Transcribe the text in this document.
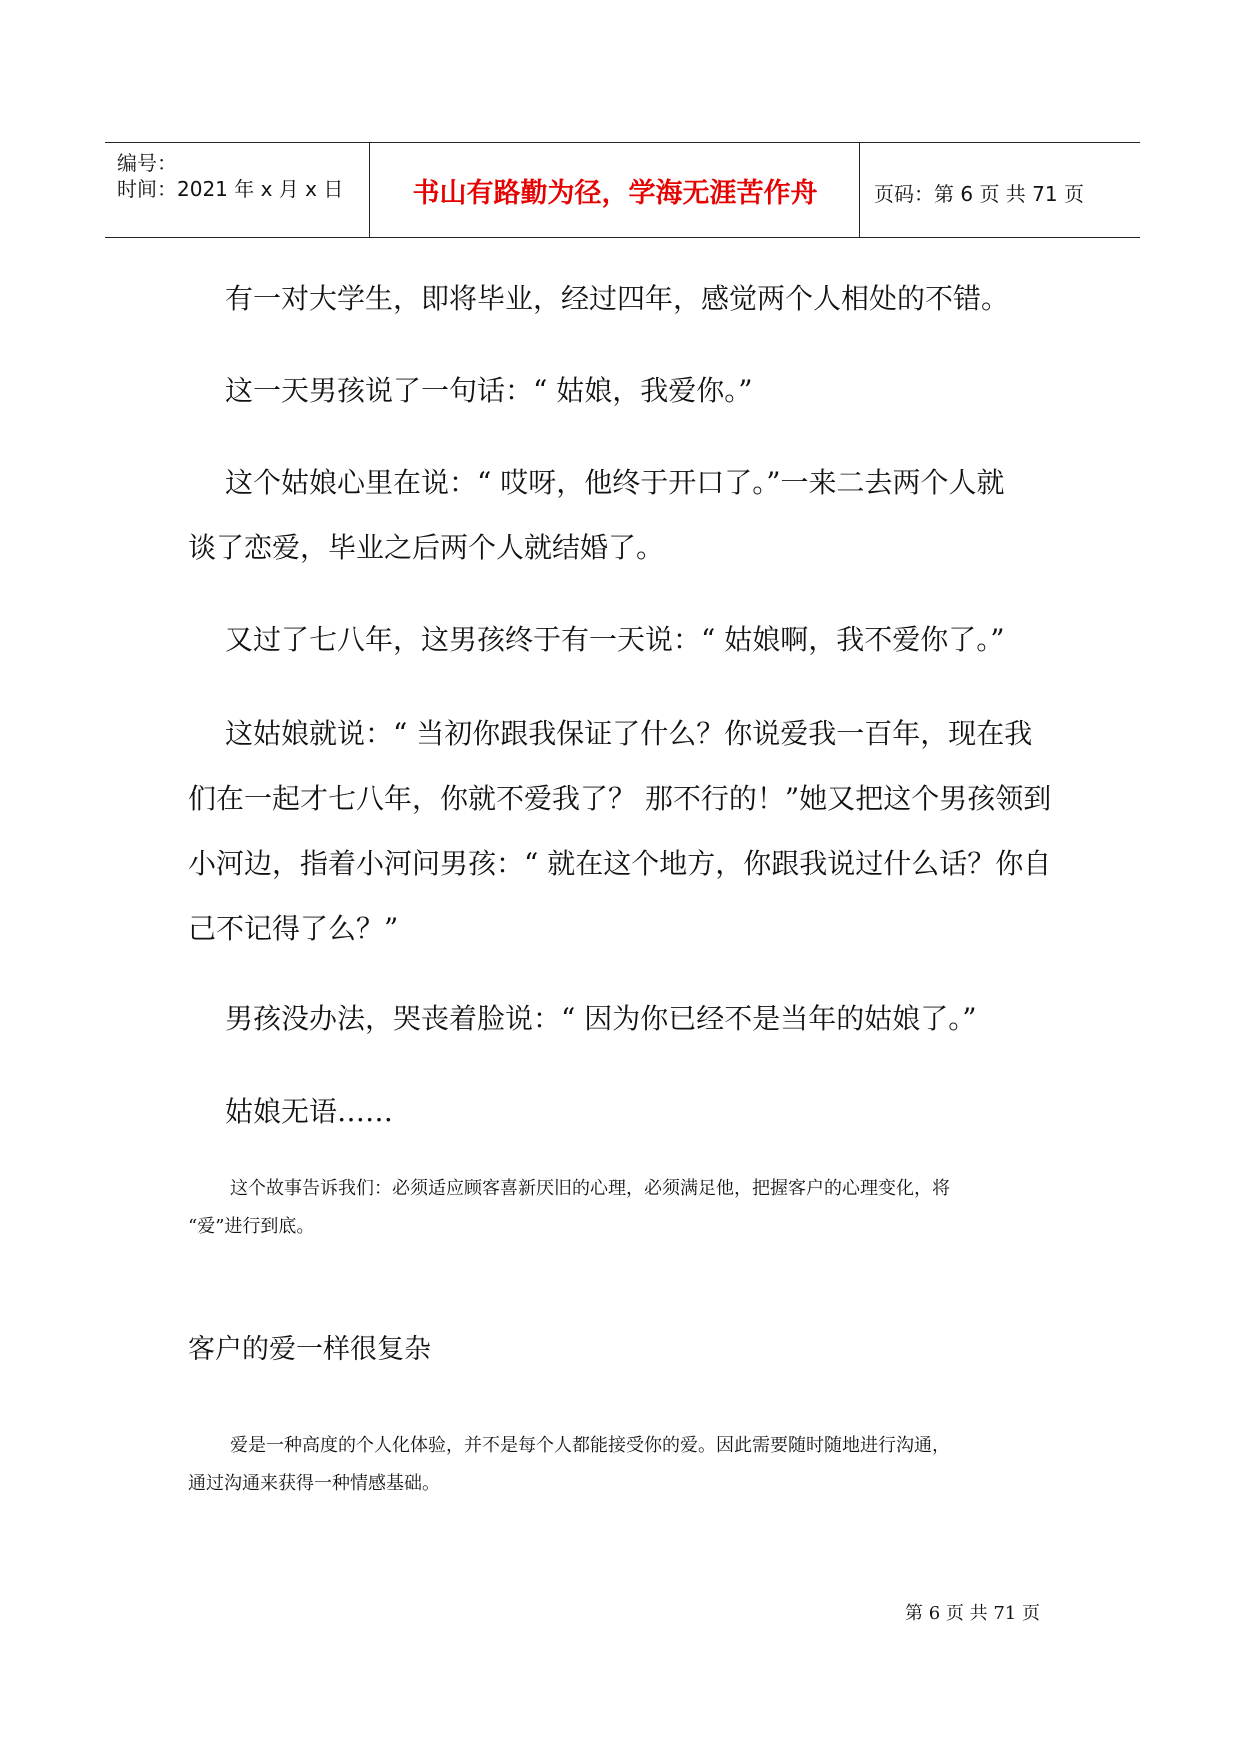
编号：
时间：2021 年 x 月 x 日	书山有路勤为径，学海无涯苦作舟	页码：第 6 页 共 71 页
有一对大学生，即将毕业，经过四年，感觉两个人相处的不错。
这一天男孩说了一句话：“ 姑娘，我爱你。”
这个姑娘心里在说：“ 哎呀，他终于开口了。”一来二去两个人就
谈了恋爱，毕业之后两个人就结婚了。
又过了七八年，这男孩终于有一天说：“ 姑娘啊，我不爱你了。”
这姑娘就说：“ 当初你跟我保证了什么？你说爱我一百年，现在我
们在一起才七八年，你就不爱我了？ 那不行的！”她又把这个男孩领到
小河边，指着小河问男孩：“ 就在这个地方，你跟我说过什么话？你自
己不记得了么？”
男孩没办法，哭丧着脸说：“ 因为你已经不是当年的姑娘了。”
姑娘无语……
这个故事告诉我们：必须适应顾客喜新厌旧的心理，必须满足他，把握客户的心理变化，将
“爱”进行到底。
客户的爱一样很复杂
爱是一种高度的个人化体验，并不是每个人都能接受你的爱。因此需要随时随地进行沟通，
通过沟通来获得一种情感基础。
第 6 页 共 71 页
